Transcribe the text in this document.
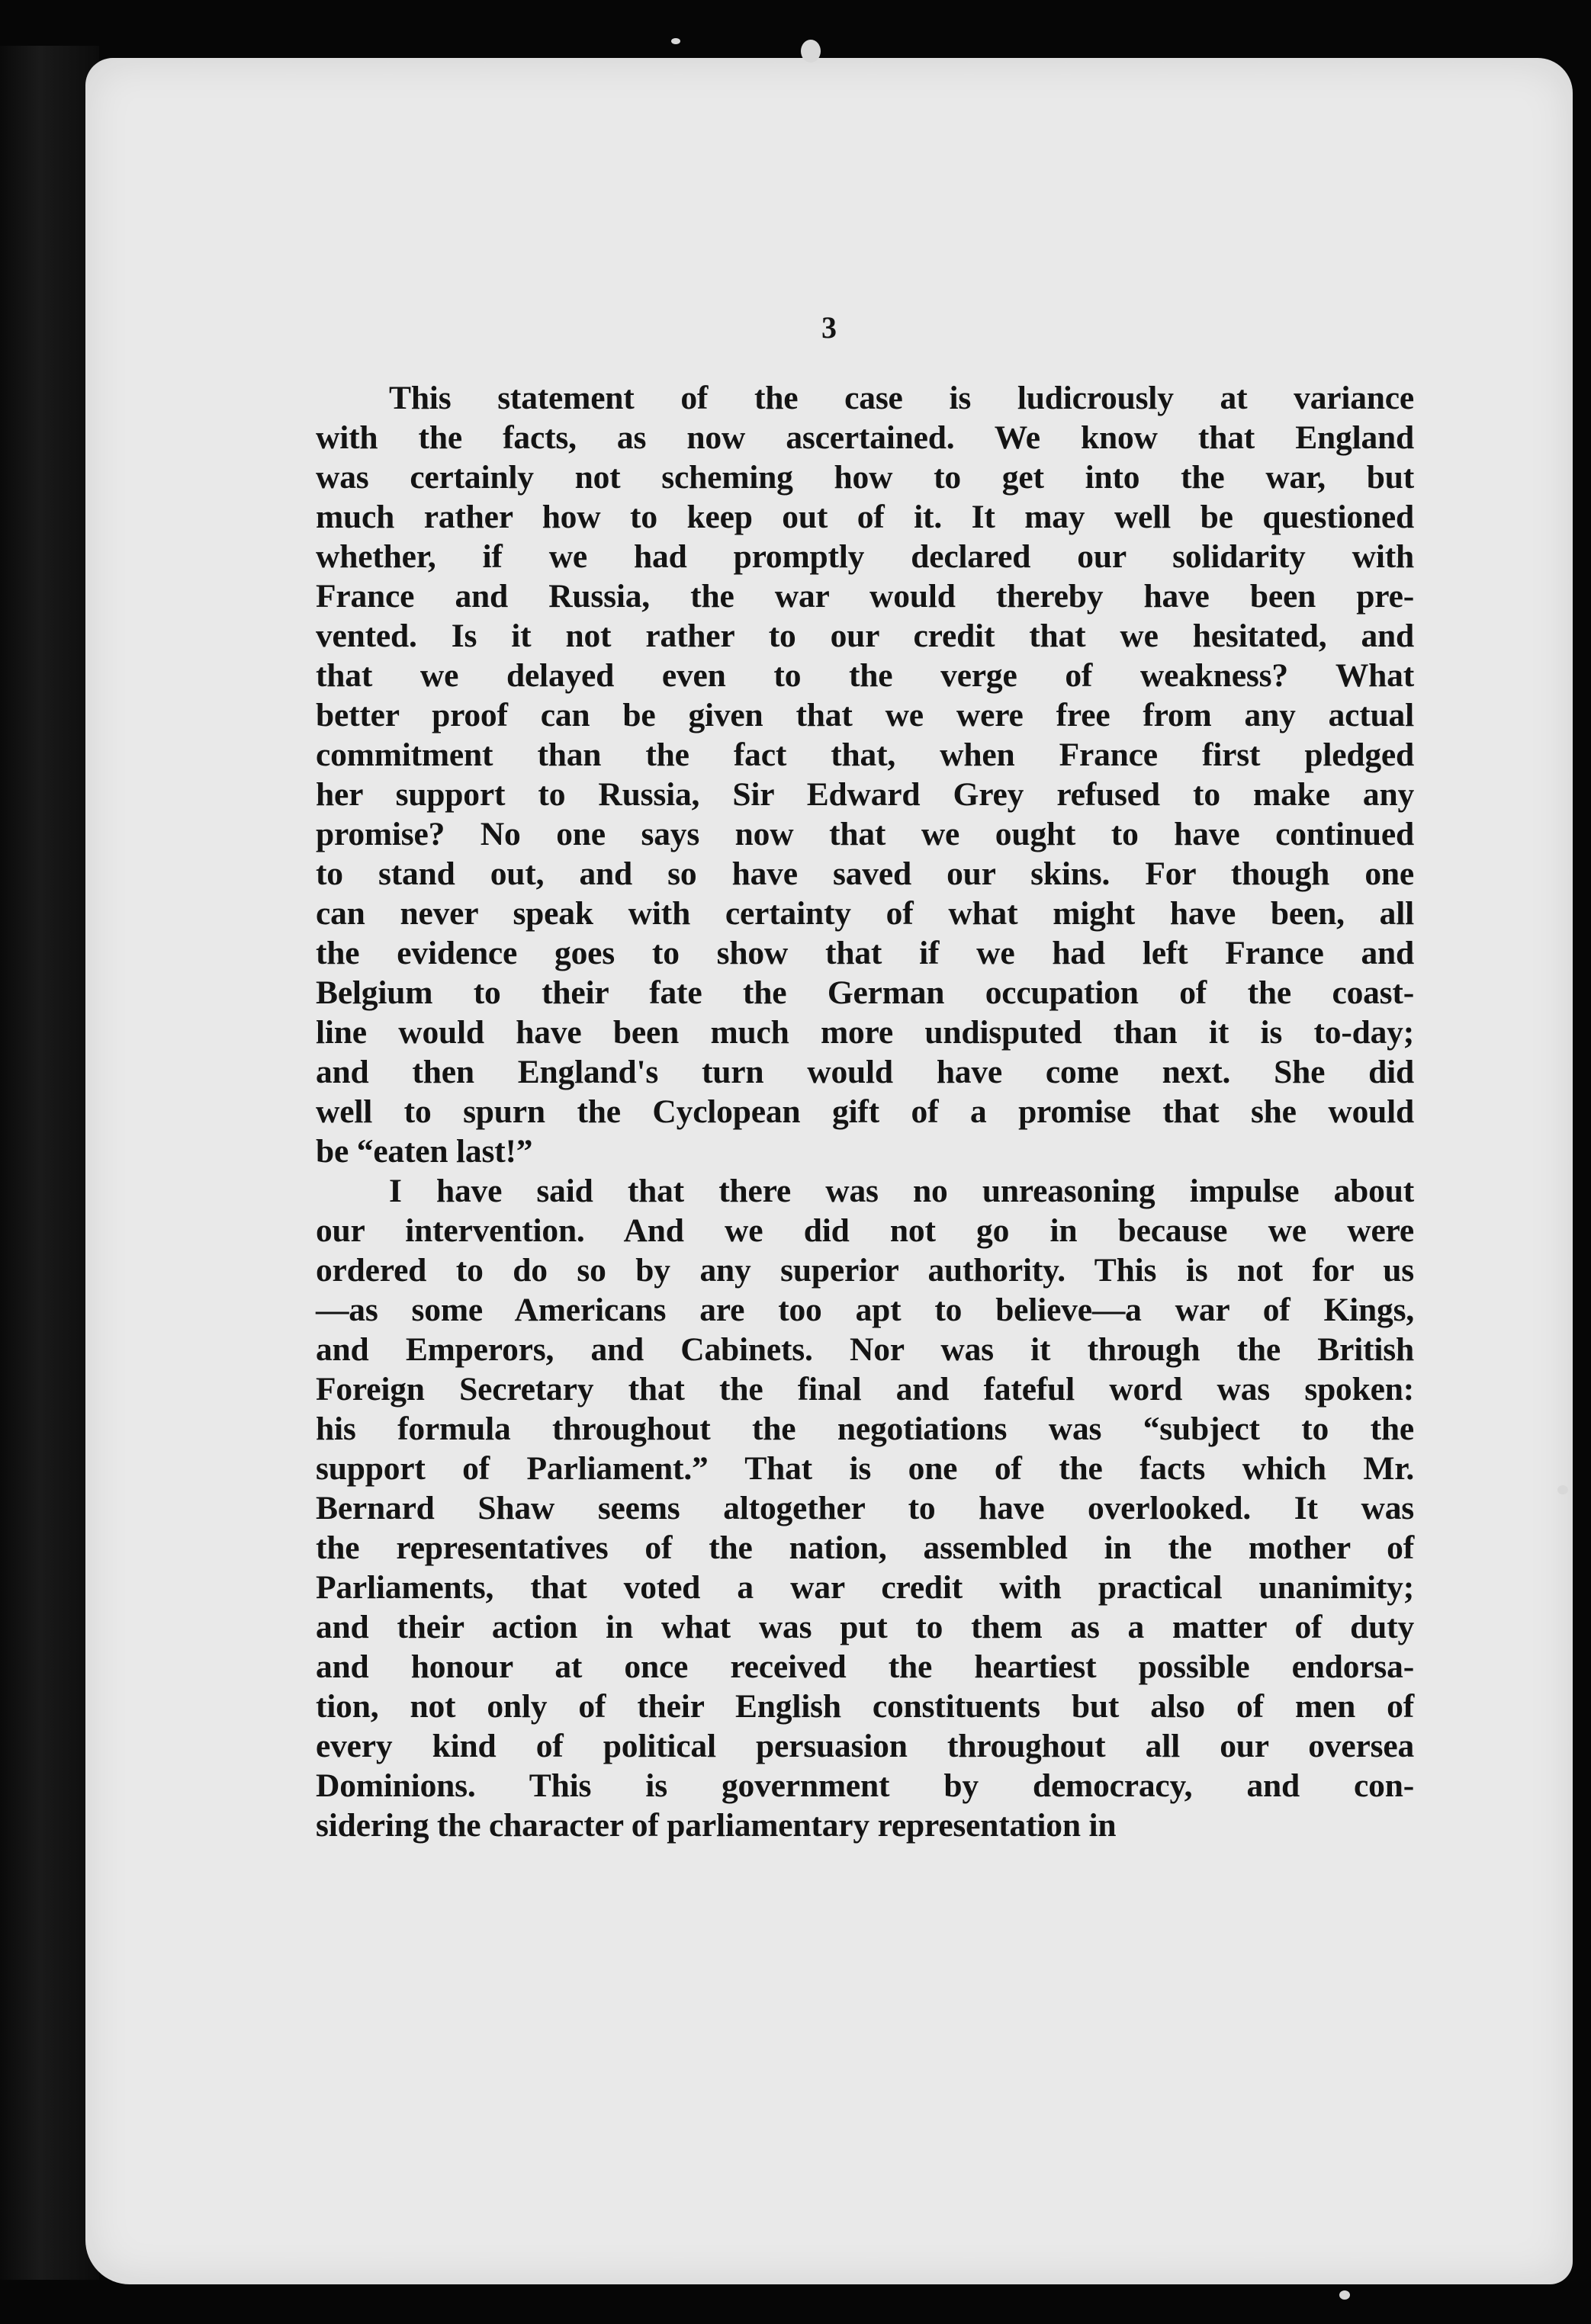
3
This statement of the case is ludicrously at variance
with the facts, as now ascertained. We know that England
was certainly not scheming how to get into the war, but
much rather how to keep out of it. It may well be questioned
whether, if we had promptly declared our solidarity with
France and Russia, the war would thereby have been pre-
vented. Is it not rather to our credit that we hesitated, and
that we delayed even to the verge of weakness? What
better proof can be given that we were free from any actual
commitment than the fact that, when France first pledged
her support to Russia, Sir Edward Grey refused to make any
promise? No one says now that we ought to have continued
to stand out, and so have saved our skins. For though one
can never speak with certainty of what might have been, all
the evidence goes to show that if we had left France and
Belgium to their fate the German occupation of the coast-
line would have been much more undisputed than it is to-day;
and then England's turn would have come next. She did
well to spurn the Cyclopean gift of a promise that she would
be “eaten last!”
I have said that there was no unreasoning impulse about
our intervention. And we did not go in because we were
ordered to do so by any superior authority. This is not for us
—as some Americans are too apt to believe—a war of Kings,
and Emperors, and Cabinets. Nor was it through the British
Foreign Secretary that the final and fateful word was spoken:
his formula throughout the negotiations was “subject to the
support of Parliament.” That is one of the facts which Mr.
Bernard Shaw seems altogether to have overlooked. It was
the representatives of the nation, assembled in the mother of
Parliaments, that voted a war credit with practical unanimity;
and their action in what was put to them as a matter of duty
and honour at once received the heartiest possible endorsa-
tion, not only of their English constituents but also of men of
every kind of political persuasion throughout all our oversea
Dominions. This is government by democracy, and con-
sidering the character of parliamentary representation in
